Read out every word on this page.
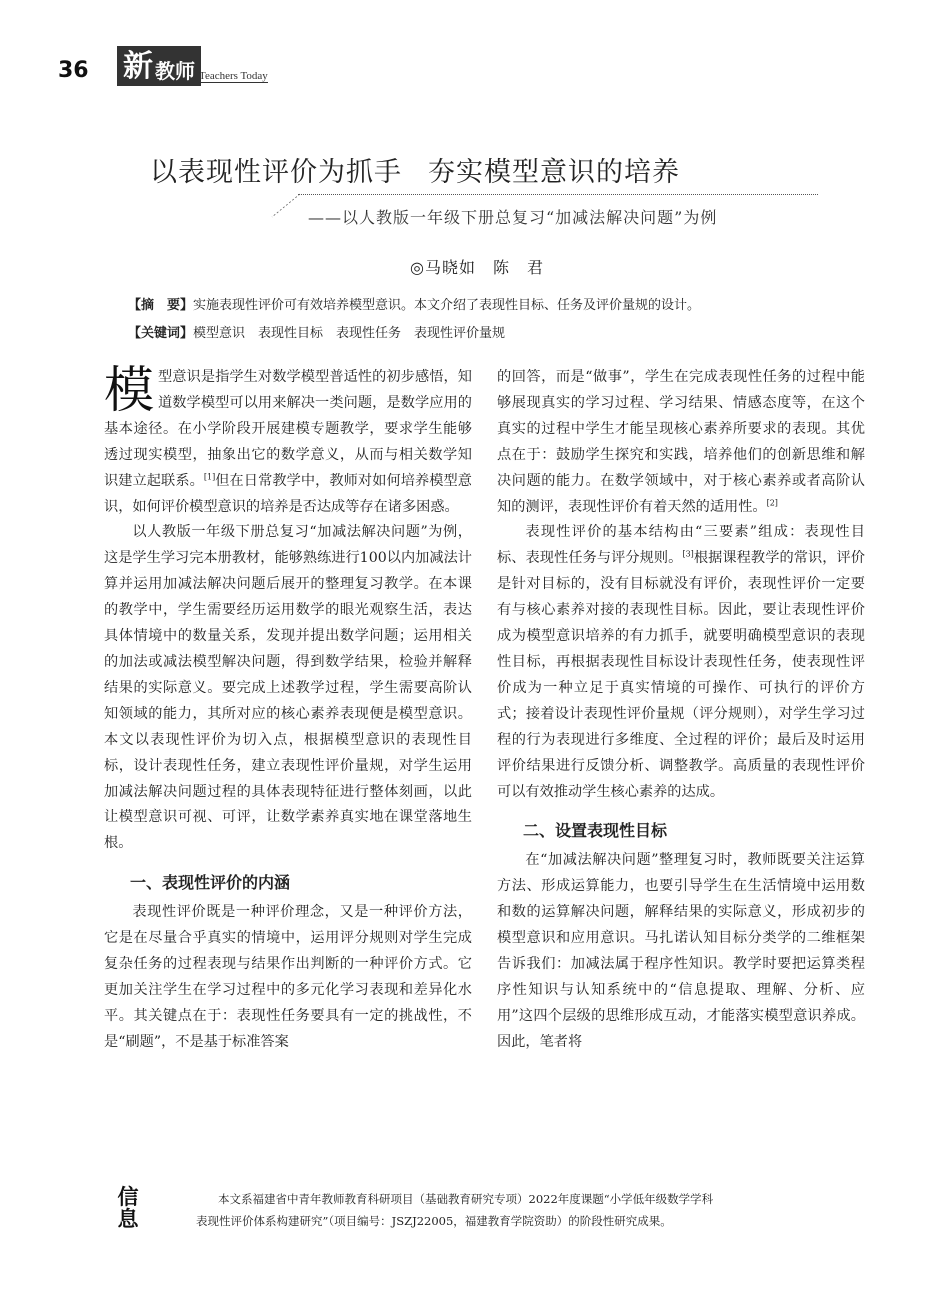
36 新 教师 Teachers Today
以表现性评价为抓手 夯实模型意识的培养
——以人教版一年级下册总复习“加减法解决问题”为例
◎马晓如　陈　君
【摘　要】实施表现性评价可有效培养模型意识。本文介绍了表现性目标、任务及评价量规的设计。
【关键词】模型意识　表现性目标　表现性任务　表现性评价量规

模型意识是指学生对数学模型普适性的初步感悟，知道数学模型可以用来解决一类问题，是数学应用的基本途径。在小学阶段开展建模专题教学，要求学生能够透过现实模型，抽象出它的数学意义，从而与相关数学知识建立起联系。[1]但在日常教学中，教师对如何培养模型意识，如何评价模型意识的培养是否达成等存在诸多困惑。

以人教版一年级下册总复习“加减法解决问题”为例，这是学生学习完本册教材，能够熟练进行100以内加减法计算并运用加减法解决问题后展开的整理复习教学。在本课的教学中，学生需要经历运用数学的眼光观察生活，表达具体情境中的数量关系，发现并提出数学问题；运用相关的加法或减法模型解决问题，得到数学结果，检验并解释结果的实际意义。要完成上述教学过程，学生需要高阶认知领域的能力，其所对应的核心素养表现便是模型意识。本文以表现性评价为切入点，根据模型意识的表现性目标，设计表现性任务，建立表现性评价量规，对学生运用加减法解决问题过程的具体表现特征进行整体刻画，以此让模型意识可视、可评，让数学素养真实地在课堂落地生根。

一、表现性评价的内涵

表现性评价既是一种评价理念，又是一种评价方法，它是在尽量合乎真实的情境中，运用评分规则对学生完成复杂任务的过程表现与结果作出判断的一种评价方式。它更加关注学生在学习过程中的多元化学习表现和差异化水平。其关键点在于：表现性任务要具有一定的挑战性，不是“刷题”，不是基于标准答案

的回答，而是“做事”，学生在完成表现性任务的过程中能够展现真实的学习过程、学习结果、情感态度等，在这个真实的过程中学生才能呈现核心素养所要求的表现。其优点在于：鼓励学生探究和实践，培养他们的创新思维和解决问题的能力。在数学领域中，对于核心素养或者高阶认知的测评，表现性评价有着天然的适用性。[2]

表现性评价的基本结构由“三要素”组成：表现性目标、表现性任务与评分规则。[3]根据课程教学的常识，评价是针对目标的，没有目标就没有评价，表现性评价一定要有与核心素养对接的表现性目标。因此，要让表现性评价成为模型意识培养的有力抓手，就要明确模型意识的表现性目标，再根据表现性目标设计表现性任务，使表现性评价成为一种立足于真实情境的可操作、可执行的评价方式；接着设计表现性评价量规（评分规则），对学生学习过程的行为表现进行多维度、全过程的评价；最后及时运用评价结果进行反馈分析、调整教学。高质量的表现性评价可以有效推动学生核心素养的达成。

二、设置表现性目标

在“加减法解决问题”整理复习时，教师既要关注运算方法、形成运算能力，也要引导学生在生活情境中运用数和数的运算解决问题，解释结果的实际意义，形成初步的模型意识和应用意识。马扎诺认知目标分类学的二维框架告诉我们：加减法属于程序性知识。教学时要把运算类程序性知识与认知系统中的“信息提取、理解、分析、应用”这四个层级的思维形成互动，才能落实模型意识养成。因此，笔者将

信
息
本文系福建省中青年教师教育科研项目（基础教育研究专项）2022年度课题“小学低年级数学学科
表现性评价体系构建研究”（项目编号：JSZJ22005，福建教育学院资助）的阶段性研究成果。
